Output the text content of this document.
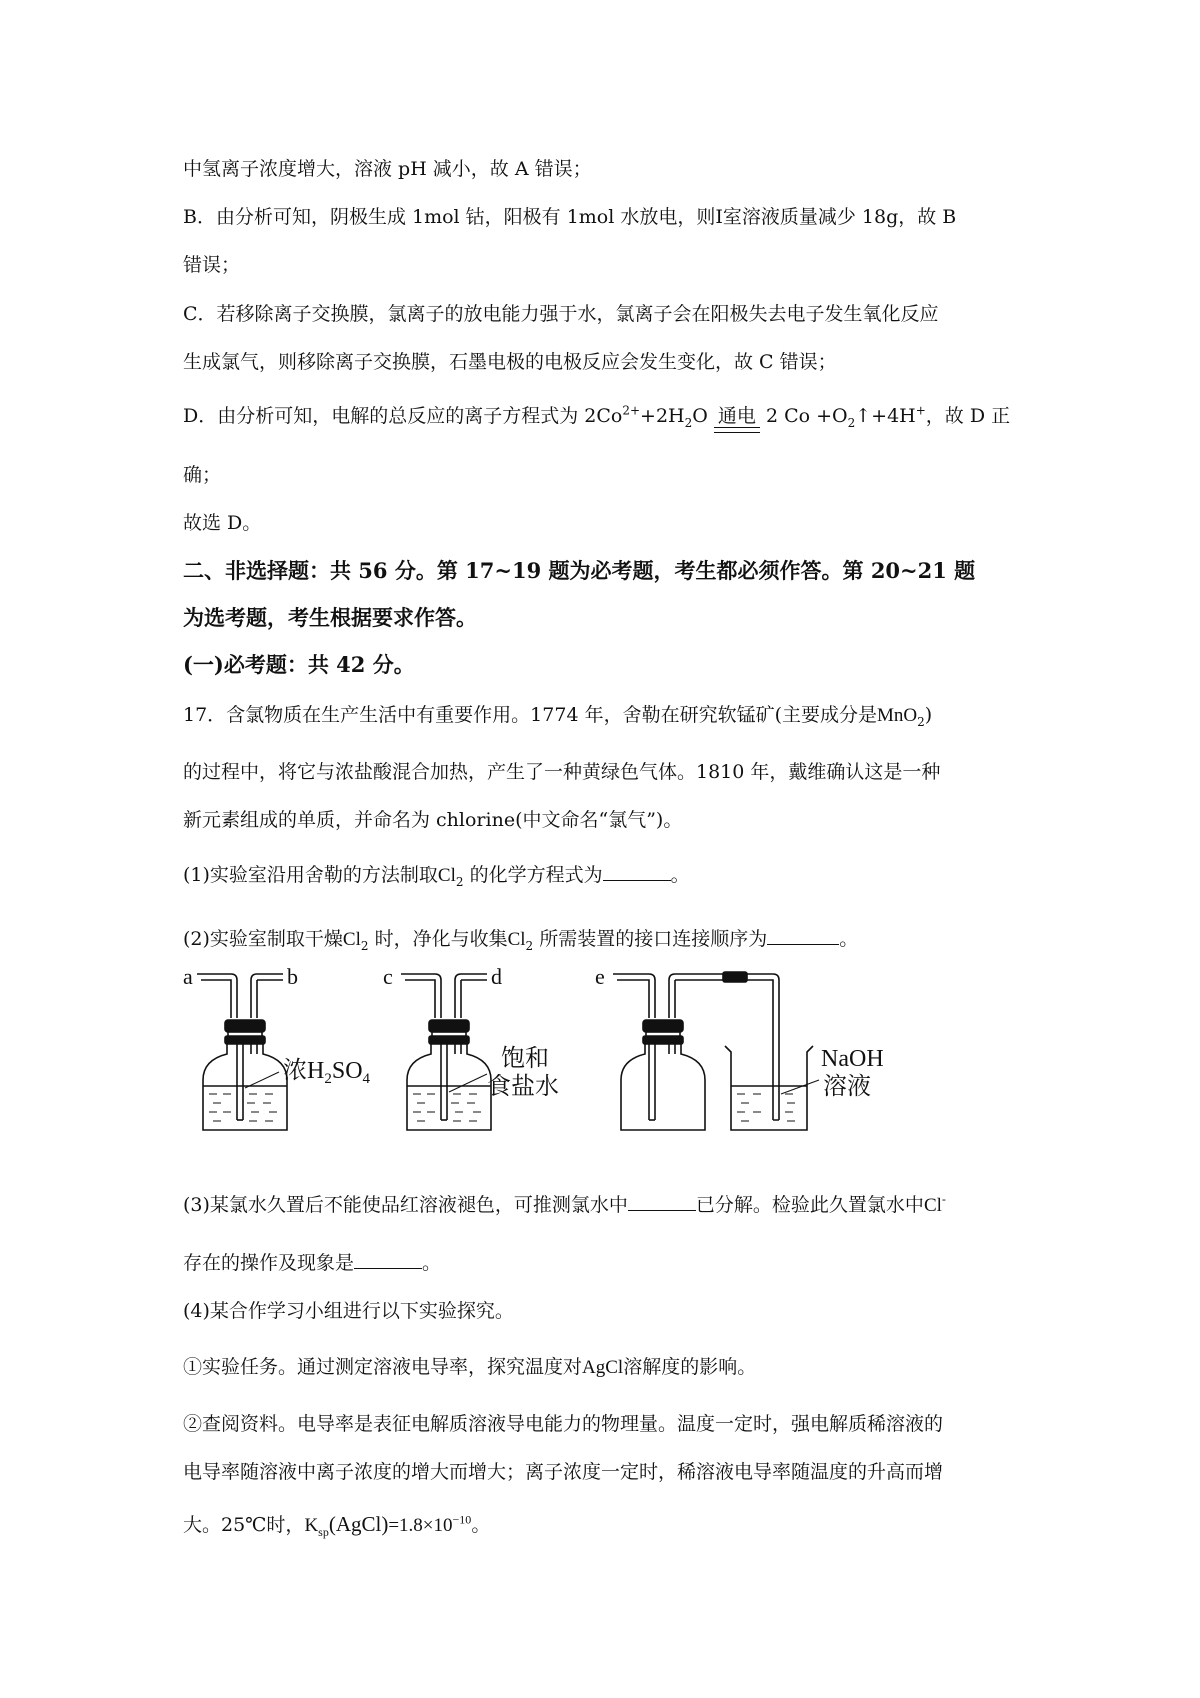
中氢离子浓度增大，溶液 pH 减小，故 A 错误；
B．由分析可知，阴极生成 1mol 钴，阳极有 1mol 水放电，则Ⅰ室溶液质量减少 18g，故 B
错误；
C．若移除离子交换膜，氯离子的放电能力强于水，氯离子会在阳极失去电子发生氧化反应
生成氯气，则移除离子交换膜，石墨电极的电极反应会发生变化，故 C 错误；
D．由分析可知，电解的总反应的离子方程式为 $2Co^{2+}+2H_2O$ 通电 2 $Co +O_2↑+4H^+$，故 D 正
确；
故选 D。
二、非选择题：共 56 分。第 17~19 题为必考题，考生都必须作答。第 20~21 题
为选考题，考生根据要求作答。
(一)必考题：共 42 分。
17．含氯物质在生产生活中有重要作用。1774 年，舍勒在研究软锰矿(主要成分是MnO$_2$)
的过程中，将它与浓盐酸混合加热，产生了一种黄绿色气体。1810 年，戴维确认这是一种
新元素组成的单质，并命名为 chlorine(中文命名“氯气”)。
(1)实验室沿用舍勒的方法制取$Cl_2$ 的化学方程式为	。
(2)实验室制取干燥$Cl_2$ 时，净化与收集$Cl_2$ 所需装置的接口连接顺序为	。
a	b	c	d	e
浓$H_2SO_4$
饱和
食盐水
NaOH
溶液
(3)某氯水久置后不能使品红溶液褪色，可推测氯水中	已分解。检验此久置氯水中Cl-
存在的操作及现象是	。
(4)某合作学习小组进行以下实验探究。
①实验任务。通过测定溶液电导率，探究温度对AgCl溶解度的影响。
②查阅资料。电导率是表征电解质溶液导电能力的物理量。温度一定时，强电解质稀溶液的
电导率随溶液中离子浓度的增大而增大；离子浓度一定时，稀溶液电导率随温度的升高而增
大。25℃时，$K_{sp}(AgCl)=1.8\times 10^{-10}$。
